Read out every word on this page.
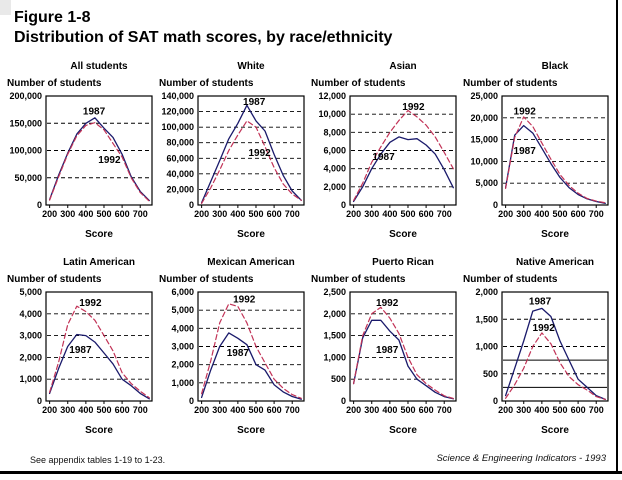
Figure 1-8
Distribution of SAT math scores, by race/ethnicity
200 300 400 500 600 700
0
50,000
100,000
150,000
200,000
1987
1992
All students
Number of students
Score
200 300 400 500 600 700
0
20,000
40,000
60,000
80,000
100,000
120,000
140,000
1987
1992
White
Number of students
Score
200 300 400 500 600 700
0
2,000
4,000
6,000
8,000
10,000
12,000
1992
1987
Asian
Number of students
Score
200 300 400 500 600 700
0
5,000
10,000
15,000
20,000
25,000
1992
1987
Black
Number of students
Score
200 300 400 500 600 700
0
1,000
2,000
3,000
4,000
5,000
1992
1987
Latin American
Number of students
Score
200 300 400 500 600 700
0
1,000
2,000
3,000
4,000
5,000
6,000
1992
1987
Mexican American
Number of students
Score
200 300 400 500 600 700
0
500
1,000
1,500
2,000
2,500
1992
1987
Puerto Rican
Number of students
Score
200 300 400 500 600 700
0
500
1,000
1,500
2,000
1987
1992
Native American
Number of students
Score
See appendix tables 1-19 to 1-23.	Science & Engineering Indicators - 1993
